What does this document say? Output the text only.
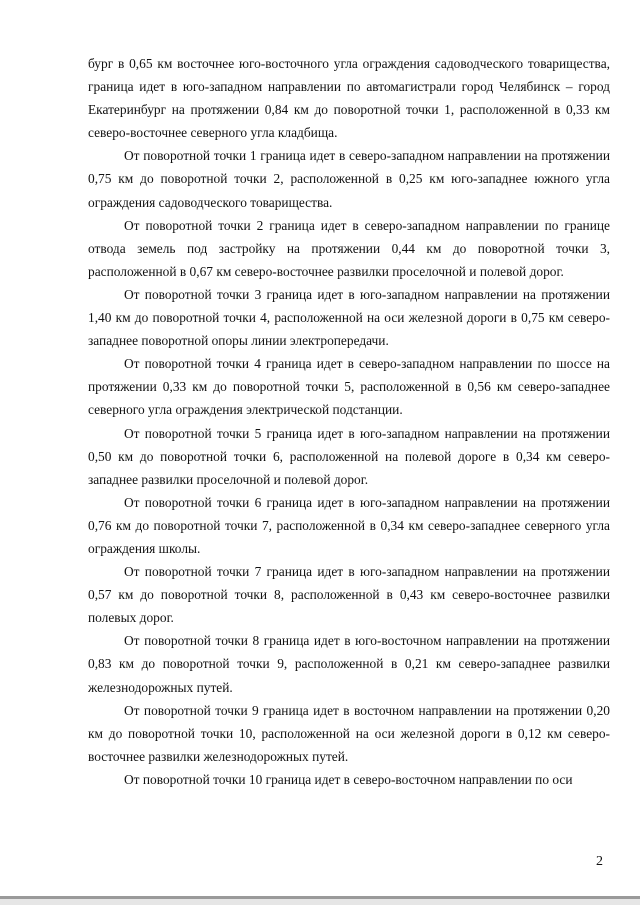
бург в 0,65 км восточнее юго-восточного угла ограждения садоводческого товарищества, граница идет в юго-западном направлении по автомагистрали город Челябинск – город Екатеринбург на протяжении 0,84 км до поворотной точки 1, расположенной в 0,33 км северо-восточнее северного угла кладбища.

От поворотной точки 1 граница идет в северо-западном направлении на протяжении 0,75 км до поворотной точки 2, расположенной в 0,25 км юго-западнее южного угла ограждения садоводческого товарищества.

От поворотной точки 2 граница идет в северо-западном направлении по границе отвода земель под застройку на протяжении 0,44 км до поворотной точки 3, расположенной в 0,67 км северо-восточнее развилки проселочной и полевой дорог.

От поворотной точки 3 граница идет в юго-западном направлении на протяжении 1,40 км до поворотной точки 4, расположенной на оси железной дороги в 0,75 км северо-западнее поворотной опоры линии электропередачи.

От поворотной точки 4 граница идет в северо-западном направлении по шоссе на протяжении 0,33 км до поворотной точки 5, расположенной в 0,56 км северо-западнее северного угла ограждения электрической подстанции.

От поворотной точки 5 граница идет в юго-западном направлении на протяжении 0,50 км до поворотной точки 6, расположенной на полевой дороге в 0,34 км северо-западнее развилки проселочной и полевой дорог.

От поворотной точки 6 граница идет в юго-западном направлении на протяжении 0,76 км до поворотной точки 7, расположенной в 0,34 км северо-западнее северного угла ограждения школы.

От поворотной точки 7 граница идет в юго-западном направлении на протяжении 0,57 км до поворотной точки 8, расположенной в 0,43 км северо-восточнее развилки полевых дорог.

От поворотной точки 8 граница идет в юго-восточном направлении на протяжении 0,83 км до поворотной точки 9, расположенной в 0,21 км северо-западнее развилки железнодорожных путей.

От поворотной точки 9 граница идет в восточном направлении на протяжении 0,20 км до поворотной точки 10, расположенной на оси железной дороги в 0,12 км северо-восточнее развилки железнодорожных путей.

От поворотной точки 10 граница идет в северо-восточном направлении по оси

2
